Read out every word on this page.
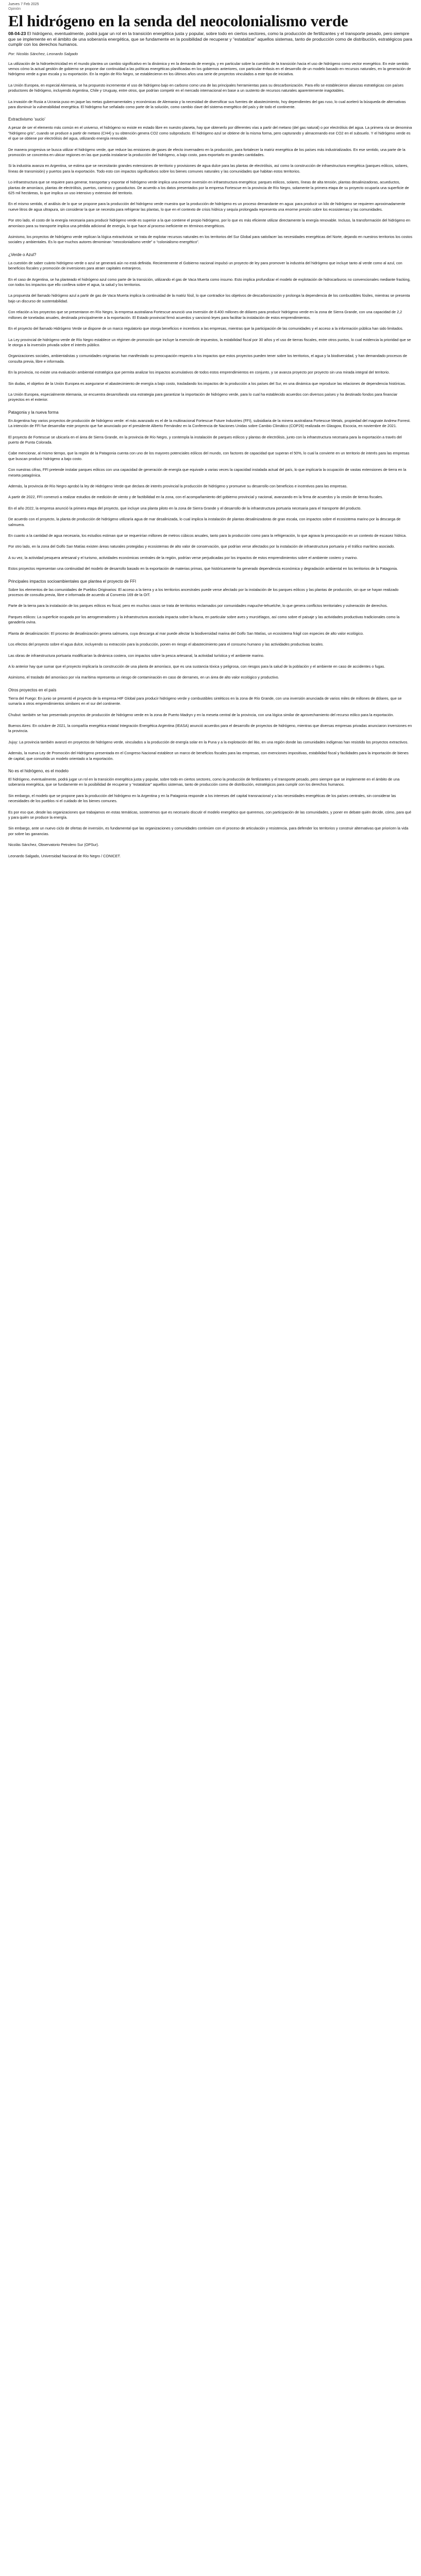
Jueves 7 Feb 2025
Opinión
El hidrógeno en la senda del neocolonialismo verde

08-04-23 El hidrógeno, eventualmente, podrá jugar un rol en la transición energética justa y popular, sobre todo en ciertos sectores, como la producción de fertilizantes y el transporte pesado, pero siempre que se implemente en el ámbito de una soberanía energética, que se fundamente en la posibilidad de recuperar y “estatalizar” aquellos sistemas, tanto de producción como de distribución, estratégicos para cumplir con los derechos humanos.

Por: Nicolás Sánchez, Leonardo Salgado

La utilización de la hidroelectricidad en el mundo plantea un cambio significativo en la dinámica y en la demanda de energía, y en particular sobre la cuestión de la transición hacia el uso de hidrógeno como vector energético. En este sentido vemos cómo la actual gestión de gobierno se propone dar continuidad a las políticas energéticas planificadas en los gobiernos anteriores, con particular énfasis en el desarrollo de un modelo basado en recursos naturales, en la generación de hidrógeno verde a gran escala y su exportación. En la región de Río Negro, se establecieron en los últimos años una serie de proyectos vinculados a este tipo de iniciativa.

La Unión Europea, en especial Alemania, se ha propuesto incrementar el uso de hidrógeno bajo en carbono como una de las principales herramientas para su descarbonización. Para ello se establecieron alianzas estratégicas con países productores de hidrógeno, incluyendo Argentina, Chile y Uruguay, entre otros, que podrían competir en el mercado internacional en base a un sustento de recursos naturales aparentemente inagotables.

La invasión de Rusia a Ucrania puso en jaque las metas gubernamentales y económicas de Alemania y la necesidad de diversificar sus fuentes de abastecimiento, hoy dependientes del gas ruso, lo cual aceleró la búsqueda de alternativas para disminuir la vulnerabilidad energética. El hidrógeno fue señalado como parte de la solución, como cambio clave del sistema energético del país y de todo el continente.

Extractivismo ‘sucio’

A pesar de ser el elemento más común en el universo, el hidrógeno no existe en estado libre en nuestro planeta, hay que obtenerlo por diferentes vías a partir del metano (del gas natural) o por electrólisis del agua. La primera vía se denomina “hidrógeno gris”, cuando se produce a partir de metano (CH4) y su obtención genera CO2 como subproducto. El hidrógeno azul se obtiene de la misma forma, pero capturando y almacenando ese CO2 en el subsuelo. Y el hidrógeno verde es el que se obtiene por electrólisis del agua, utilizando energía renovable.

De manera progresiva se busca utilizar el hidrógeno verde, que reduce las emisiones de gases de efecto invernadero en la producción, para fortalecer la matriz energética de los países más industrializados. En ese sentido, una parte de la promoción se concentra en ubicar regiones en las que pueda instalarse la producción del hidrógeno, a bajo costo, para exportarlo en grandes cantidades.

Si la industria avanza en Argentina, se estima que se necesitarán grandes extensiones de territorio y provisiones de agua dulce para las plantas de electrólisis, así como la construcción de infraestructura energética (parques eólicos, solares, líneas de transmisión) y puertos para la exportación. Todo esto con impactos significativos sobre los bienes comunes naturales y las comunidades que habitan estos territorios.

Lo infraestructura que se requiere para generar, transportar y exportar el hidrógeno verde implica una enorme inversión en infraestructura energética: parques eólicos, solares, líneas de alta tensión, plantas desalinizadoras, acueductos, plantas de amoníaco, plantas de electrólisis, puertos, caminos y gasoductos. De acuerdo a los datos presentados por la empresa Fortescue en la provincia de Río Negro, solamente la primera etapa de su proyecto ocuparía una superficie de 625 mil hectáreas, lo que implica un uso intensivo y extensivo del territorio.

En el mismo sentido, el análisis de lo que se propone para la producción del hidrógeno verde muestra que la producción de hidrógeno es un proceso demandante en agua: para producir un kilo de hidrógeno se requieren aproximadamente nueve litros de agua ultrapura, sin considerar la que se necesita para refrigerar las plantas, lo que en el contexto de crisis hídrica y sequía prolongada representa una enorme presión sobre los ecosistemas y las comunidades.

Por otro lado, el costo de la energía necesaria para producir hidrógeno verde es superior a la que contiene el propio hidrógeno, por lo que es más eficiente utilizar directamente la energía renovable. Incluso, la transformación del hidrógeno en amoníaco para su transporte implica una pérdida adicional de energía, lo que hace al proceso ineficiente en términos energéticos.

Asimismo, los proyectos de hidrógeno verde replican la lógica extractivista: se trata de explotar recursos naturales en los territorios del Sur Global para satisfacer las necesidades energéticas del Norte, dejando en nuestros territorios los costos sociales y ambientales. Es lo que muchos autores denominan “neocolonialismo verde” o “colonialismo energético”.

¿Verde o Azul?

La cuestión de saber cuánto hidrógeno verde o azul se generará aún no está definida. Recientemente el Gobierno nacional impulsó un proyecto de ley para promover la industria del hidrógeno que incluye tanto al verde como al azul, con beneficios fiscales y promoción de inversiones para atraer capitales extranjeros.

En el caso de Argentina, se ha planteado el hidrógeno azul como parte de la transición, utilizando el gas de Vaca Muerta como insumo. Esto implica profundizar el modelo de explotación de hidrocarburos no convencionales mediante fracking, con todos los impactos que ello conlleva sobre el agua, la salud y los territorios.

La propuesta del llamado hidrógeno azul a partir de gas de Vaca Muerta implica la continuidad de la matriz fósil, lo que contradice los objetivos de descarbonización y prolonga la dependencia de los combustibles fósiles, mientras se presenta bajo un discurso de sustentabilidad.

Con relación a los proyectos que se presentaron en Río Negro, la empresa australiana Fortescue anunció una inversión de 8.400 millones de dólares para producir hidrógeno verde en la zona de Sierra Grande, con una capacidad de 2,2 millones de toneladas anuales, destinada principalmente a la exportación. El Estado provincial firmó acuerdos y sancionó leyes para facilitar la instalación de estos emprendimientos.

En el proyecto del llamado Hidrógeno Verde se dispone de un marco regulatorio que otorga beneficios e incentivos a las empresas, mientras que la participación de las comunidades y el acceso a la información pública han sido limitados.

La Ley provincial de hidrógeno verde de Río Negro establece un régimen de promoción que incluye la exención de impuestos, la estabilidad fiscal por 30 años y el uso de tierras fiscales, entre otros puntos, lo cual evidencia la prioridad que se le otorga a la inversión privada sobre el interés público.

Organizaciones sociales, ambientalistas y comunidades originarias han manifestado su preocupación respecto a los impactos que estos proyectos pueden tener sobre los territorios, el agua y la biodiversidad, y han demandado procesos de consulta previa, libre e informada.

En la provincia, no existe una evaluación ambiental estratégica que permita analizar los impactos acumulativos de todos estos emprendimientos en conjunto, y se avanza proyecto por proyecto sin una mirada integral del territorio.

Sin dudas, el objetivo de la Unión Europea es asegurarse el abastecimiento de energía a bajo costo, trasladando los impactos de la producción a los países del Sur, en una dinámica que reproduce las relaciones de dependencia históricas.

La Unión Europea, especialmente Alemania, se encuentra desarrollando una estrategia para garantizar la importación de hidrógeno verde, para lo cual ha establecido acuerdos con diversos países y ha destinado fondos para financiar proyectos en el exterior.

Patagonia y la nueva forma

En Argentina hay varios proyectos de producción de hidrógeno verde: el más avanzado es el de la multinacional Fortescue Future Industries (FFI), subsidiaria de la minera australiana Fortescue Metals, propiedad del magnate Andrew Forrest. La intención de FFI fue desarrollar este proyecto que fue anunciado por el presidente Alberto Fernández en la Conferencia de Naciones Unidas sobre Cambio Climático (COP26) realizada en Glasgow, Escocia, en noviembre de 2021.

El proyecto de Fortescue se ubicaría en el área de Sierra Grande, en la provincia de Río Negro, y contempla la instalación de parques eólicos y plantas de electrólisis, junto con la infraestructura necesaria para la exportación a través del puerto de Punta Colorada.

Cabe mencionar, al mismo tiempo, que la región de la Patagonia cuenta con uno de los mayores potenciales eólicos del mundo, con factores de capacidad que superan el 50%, lo cual la convierte en un territorio de interés para las empresas que buscan producir hidrógeno a bajo costo.

Con nuestras cifras, FFI pretende instalar parques eólicos con una capacidad de generación de energía que equivale a varias veces la capacidad instalada actual del país, lo que implicaría la ocupación de vastas extensiones de tierra en la meseta patagónica.

Además, la provincia de Río Negro aprobó la ley de Hidrógeno Verde que declara de interés provincial la producción de hidrógeno y promueve su desarrollo con beneficios e incentivos para las empresas.

A partir de 2022, FFI comenzó a realizar estudios de medición de viento y de factibilidad en la zona, con el acompañamiento del gobierno provincial y nacional, avanzando en la firma de acuerdos y la cesión de tierras fiscales.

En el año 2022, la empresa anunció la primera etapa del proyecto, que incluye una planta piloto en la zona de Sierra Grande y el desarrollo de la infraestructura portuaria necesaria para el transporte del producto.

De acuerdo con el proyecto, la planta de producción de hidrógeno utilizaría agua de mar desalinizada, lo cual implica la instalación de plantas desalinizadoras de gran escala, con impactos sobre el ecosistema marino por la descarga de salmuera.

En cuanto a la cantidad de agua necesaria, los estudios estiman que se requerirían millones de metros cúbicos anuales, tanto para la producción como para la refrigeración, lo que agrava la preocupación en un contexto de escasez hídrica.

Por otro lado, en la zona del Golfo San Matías existen áreas naturales protegidas y ecosistemas de alto valor de conservación, que podrían verse afectados por la instalación de infraestructura portuaria y el tráfico marítimo asociado.

A su vez, la actividad pesquera artesanal y el turismo, actividades económicas centrales de la región, podrían verse perjudicadas por los impactos de estos emprendimientos sobre el ambiente costero y marino.

Estos proyectos representan una continuidad del modelo de desarrollo basado en la exportación de materias primas, que históricamente ha generado dependencia económica y degradación ambiental en los territorios de la Patagonia.

Principales impactos socioambientales que plantea el proyecto de FFI

Sobre los elementos de las comunidades de Pueblos Originarios: El acceso a la tierra y a los territorios ancestrales puede verse afectado por la instalación de los parques eólicos y las plantas de producción, sin que se hayan realizado procesos de consulta previa, libre e informada de acuerdo al Convenio 169 de la OIT.

Parte de la tierra para la instalación de los parques eólicos es fiscal, pero en muchos casos se trata de territorios reclamados por comunidades mapuche-tehuelche, lo que genera conflictos territoriales y vulneración de derechos.

Parques eólicos: La superficie ocupada por los aerogeneradores y la infraestructura asociada impacta sobre la fauna, en particular sobre aves y murciélagos, así como sobre el paisaje y las actividades productivas tradicionales como la ganadería ovina.

Planta de desalinización: El proceso de desalinización genera salmuera, cuya descarga al mar puede afectar la biodiversidad marina del Golfo San Matías, un ecosistema frágil con especies de alto valor ecológico.

Los efectos del proyecto sobre el agua dulce, incluyendo su extracción para la producción, ponen en riesgo el abastecimiento para el consumo humano y las actividades productivas locales.

Las obras de infraestructura portuaria modificarían la dinámica costera, con impactos sobre la pesca artesanal, la actividad turística y el ambiente marino.

A lo anterior hay que sumar que el proyecto implicaría la construcción de una planta de amoníaco, que es una sustancia tóxica y peligrosa, con riesgos para la salud de la población y el ambiente en caso de accidentes o fugas.

Asimismo, el traslado del amoníaco por vía marítima representa un riesgo de contaminación en caso de derrames, en un área de alto valor ecológico y productivo.

Otros proyectos en el país

Tierra del Fuego: En junio se presentó el proyecto de la empresa HIF Global para producir hidrógeno verde y combustibles sintéticos en la zona de Río Grande, con una inversión anunciada de varios miles de millones de dólares, que se sumaría a otros emprendimientos similares en el sur del continente.

Chubut: también se han presentado proyectos de producción de hidrógeno verde en la zona de Puerto Madryn y en la meseta central de la provincia, con una lógica similar de aprovechamiento del recurso eólico para la exportación.

Buenos Aires: En octubre de 2021, la compañía energética estatal Integración Energética Argentina (IEASA) anunció acuerdos para el desarrollo de proyectos de hidrógeno, mientras que diversas empresas privadas anunciaron inversiones en la provincia.

Jujuy: La provincia también avanzó en proyectos de hidrógeno verde, vinculados a la producción de energía solar en la Puna y a la explotación del litio, en una región donde las comunidades indígenas han resistido los proyectos extractivos.

Además, la nueva Ley de Promoción del Hidrógeno presentada en el Congreso Nacional establece un marco de beneficios fiscales para las empresas, con exenciones impositivas, estabilidad fiscal y facilidades para la importación de bienes de capital, que consolida un modelo orientado a la exportación.

No es el hidrógeno, es el modelo

El hidrógeno, eventualmente, podrá jugar un rol en la transición energética justa y popular, sobre todo en ciertos sectores, como la producción de fertilizantes y el transporte pesado, pero siempre que se implemente en el ámbito de una soberanía energética, que se fundamente en la posibilidad de recuperar y “estatalizar” aquellos sistemas, tanto de producción como de distribución, estratégicos para cumplir con los derechos humanos.

Sin embargo, el modelo que se propone para la producción del hidrógeno en la Argentina y en la Patagonia responde a los intereses del capital transnacional y a las necesidades energéticas de los países centrales, sin considerar las necesidades de los pueblos ni el cuidado de los bienes comunes.

Es por eso que, desde las organizaciones que trabajamos en estas temáticas, sostenemos que es necesario discutir el modelo energético que queremos, con participación de las comunidades, y poner en debate quién decide, cómo, para qué y para quién se produce la energía.

Sin embargo, ante un nuevo ciclo de ofertas de inversión, es fundamental que las organizaciones y comunidades continúen con el proceso de articulación y resistencia, para defender los territorios y construir alternativas que prioricen la vida por sobre las ganancias.

Nicolás Sánchez, Observatorio Petrolero Sur (OPSur).

Leonardo Salgado, Universidad Nacional de Río Negro / CONICET.
